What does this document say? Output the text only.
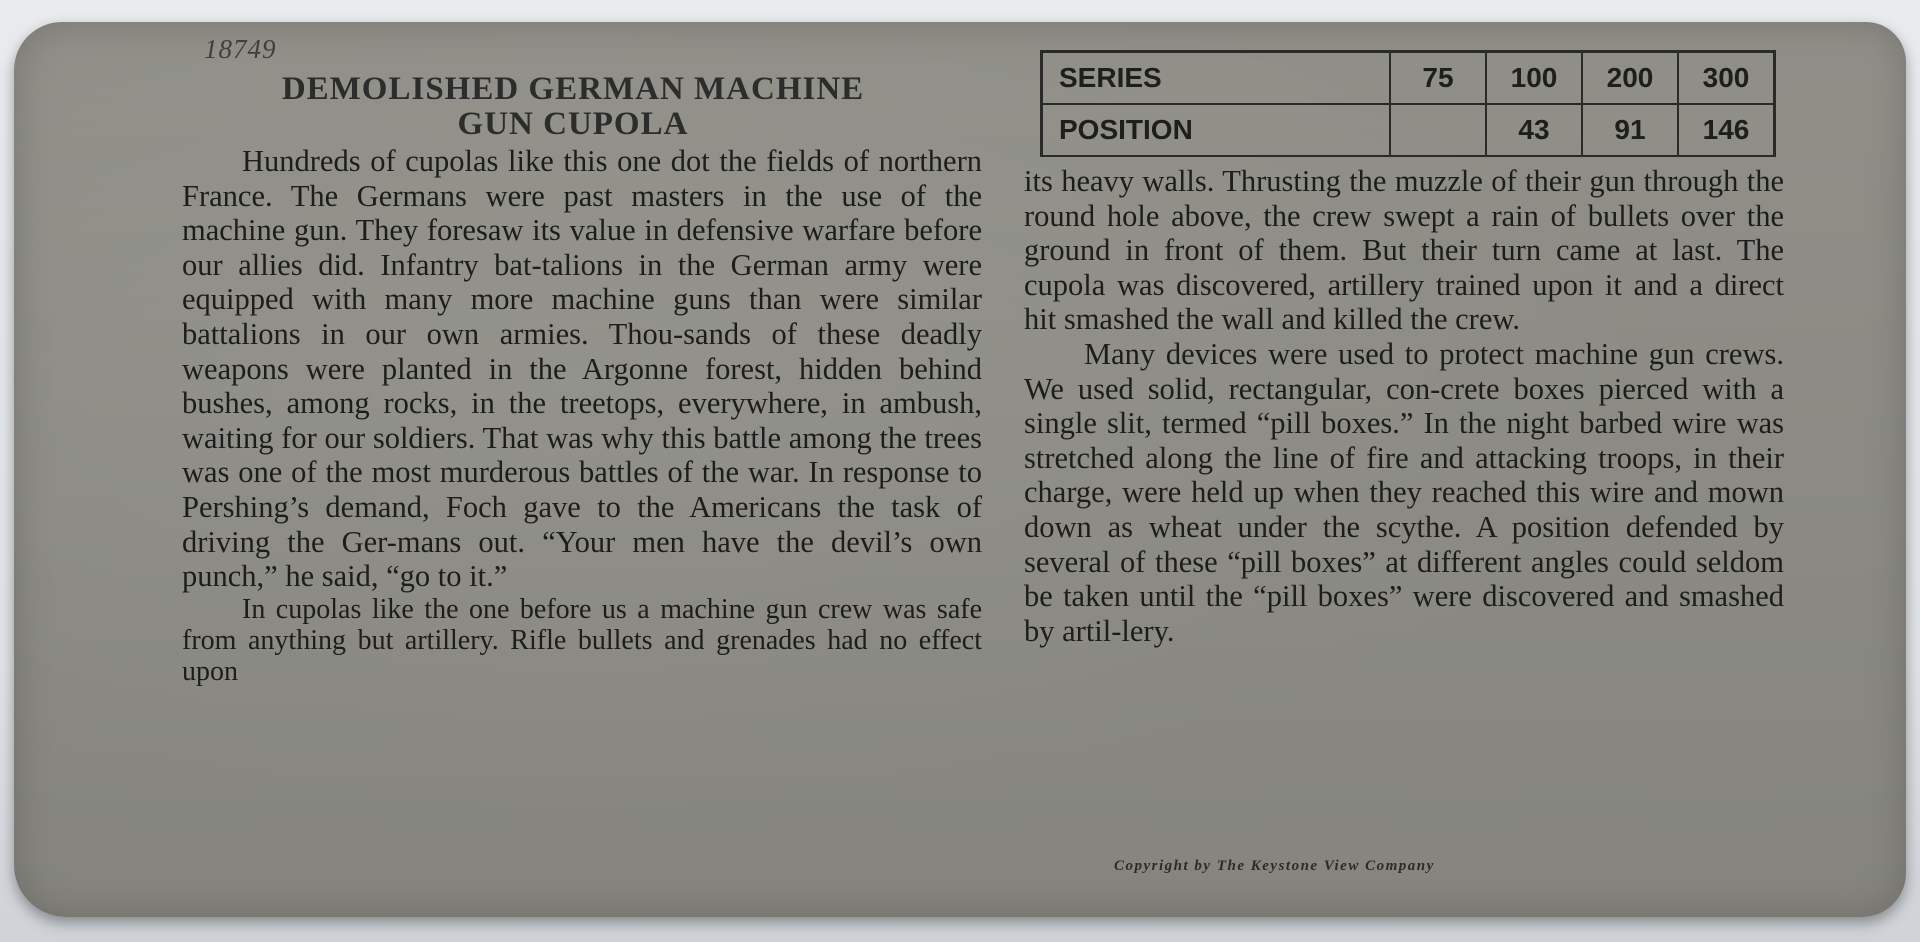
18749
DEMOLISHED GERMAN MACHINE
GUN CUPOLA

Hundreds of cupolas like this one dot the fields of northern France. The Germans were past masters in the use of the machine gun. They foresaw its value in defensive warfare before our allies did. Infantry bat-talions in the German army were equipped with many more machine guns than were similar battalions in our own armies. Thou-sands of these deadly weapons were planted in the Argonne forest, hidden behind bushes, among rocks, in the treetops, everywhere, in ambush, waiting for our soldiers. That was why this battle among the trees was one of the most murderous battles of the war. In response to Pershing’s demand, Foch gave to the Americans the task of driving the Ger-mans out. “Your men have the devil’s own punch,” he said, “go to it.”

In cupolas like the one before us a machine gun crew was safe from anything but artillery. Rifle bullets and grenades had no effect upon

SERIES	75	100	200	300
POSITION		43	91	146

its heavy walls. Thrusting the muzzle of their gun through the round hole above, the crew swept a rain of bullets over the ground in front of them. But their turn came at last. The cupola was discovered, artillery trained upon it and a direct hit smashed the wall and killed the crew.

Many devices were used to protect machine gun crews. We used solid, rectangular, con-crete boxes pierced with a single slit, termed “pill boxes.” In the night barbed wire was stretched along the line of fire and attacking troops, in their charge, were held up when they reached this wire and mown down as wheat under the scythe. A position defended by several of these “pill boxes” at different angles could seldom be taken until the “pill boxes” were discovered and smashed by artil-lery.

Copyright by The Keystone View Company
